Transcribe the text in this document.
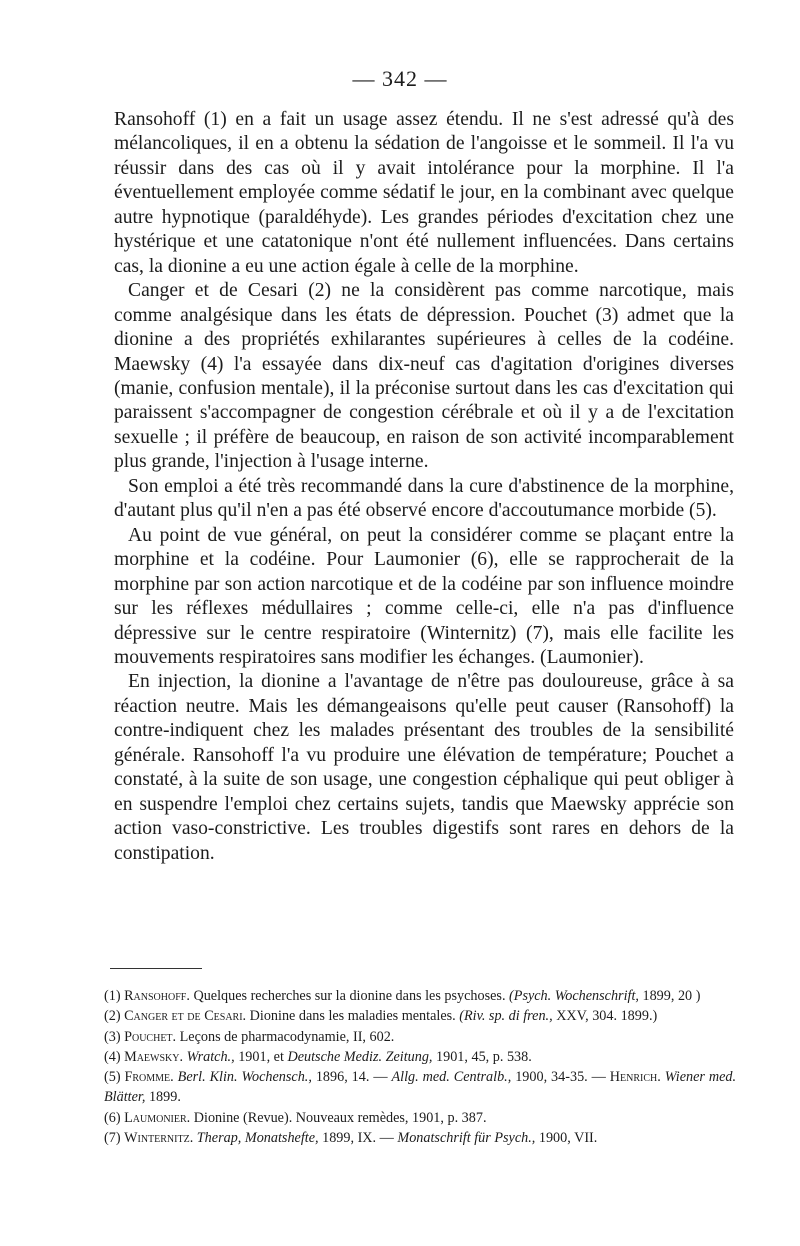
— 342 —

Ransohoff (1) en a fait un usage assez étendu. Il ne s'est adressé qu'à des mélancoliques, il en a obtenu la sédation de l'angoisse et le sommeil. Il l'a vu réussir dans des cas où il y avait intolérance pour la morphine. Il l'a éventuellement employée comme sédatif le jour, en la combinant avec quelque autre hypnotique (paraldéhyde). Les grandes périodes d'excitation chez une hystérique et une catatonique n'ont été nullement influencées. Dans certains cas, la dionine a eu une action égale à celle de la morphine.

Canger et de Cesari (2) ne la considèrent pas comme narcotique, mais comme analgésique dans les états de dépression. Pouchet (3) admet que la dionine a des propriétés exhilarantes supérieures à celles de la codéine. Maewsky (4) l'a essayée dans dix-neuf cas d'agitation d'origines diverses (manie, confusion mentale), il la préconise surtout dans les cas d'excitation qui paraissent s'accompagner de congestion cérébrale et où il y a de l'excitation sexuelle ; il préfère de beaucoup, en raison de son activité incomparablement plus grande, l'injection à l'usage interne.

Son emploi a été très recommandé dans la cure d'abstinence de la morphine, d'autant plus qu'il n'en a pas été observé encore d'accoutumance morbide (5).

Au point de vue général, on peut la considérer comme se plaçant entre la morphine et la codéine. Pour Laumonier (6), elle se rapprocherait de la morphine par son action narcotique et de la codéine par son influence moindre sur les réflexes médullaires ; comme celle-ci, elle n'a pas d'influence dépressive sur le centre respiratoire (Winternitz) (7), mais elle facilite les mouvements respiratoires sans modifier les échanges. (Laumonier).

En injection, la dionine a l'avantage de n'être pas douloureuse, grâce à sa réaction neutre. Mais les démangeaisons qu'elle peut causer (Ransohoff) la contre-indiquent chez les malades présentant des troubles de la sensibilité générale. Ransohoff l'a vu produire une élévation de température; Pouchet a constaté, à la suite de son usage, une congestion céphalique qui peut obliger à en suspendre l'emploi chez certains sujets, tandis que Maewsky apprécie son action vaso-constrictive. Les troubles digestifs sont rares en dehors de la constipation.

(1) Ransohoff. Quelques recherches sur la dionine dans les psychoses. (Psych. Wochenschrift, 1899, 20 )

(2) Canger et de Cesari. Dionine dans les maladies mentales. (Riv. sp. di fren., XXV, 304. 1899.)

(3) Pouchet. Leçons de pharmacodynamie, II, 602.

(4) Maewsky. Wratch., 1901, et Deutsche Mediz. Zeitung, 1901, 45, p. 538.

(5) Fromme. Berl. Klin. Wochensch., 1896, 14. — Allg. med. Centralb., 1900, 34-35. — Henrich. Wiener med. Blätter, 1899.

(6) Laumonier. Dionine (Revue). Nouveaux remèdes, 1901, p. 387.

(7) Winternitz. Therap, Monatshefte, 1899, IX. — Monatschrift für Psych., 1900, VII.
